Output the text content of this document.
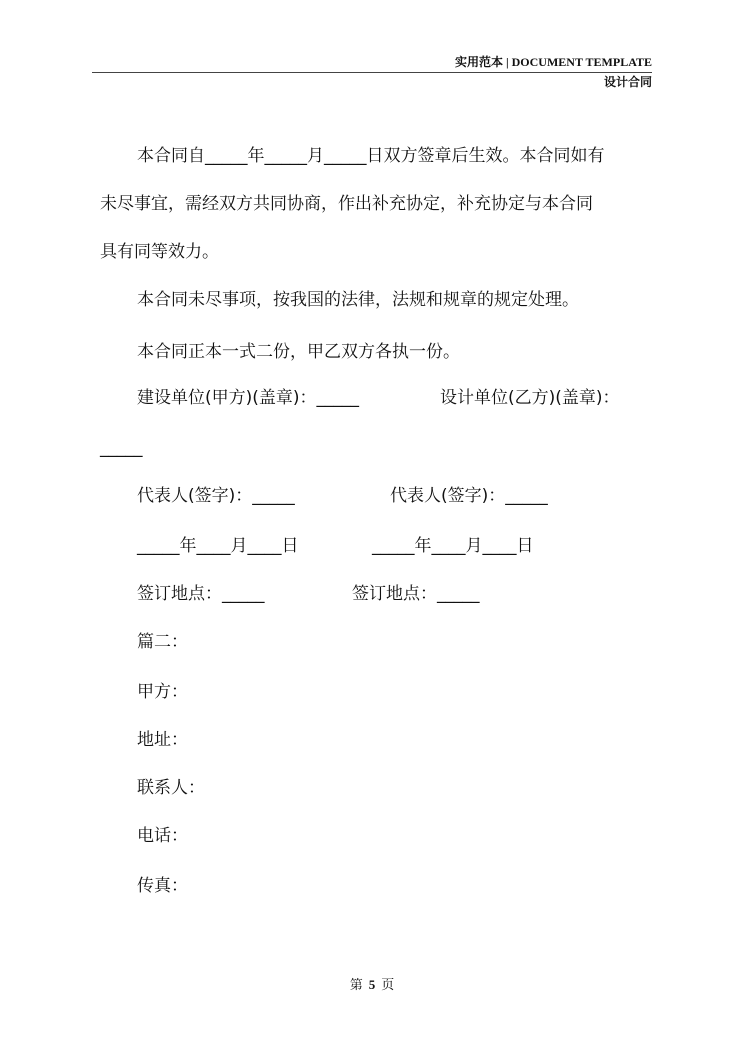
实用范本 | DOCUMENT TEMPLATE
设计合同
本合同自_____年_____月_____日双方签章后生效。本合同如有
未尽事宜，需经双方共同协商，作出补充协定，补充协定与本合同
具有同等效力。
本合同未尽事项，按我国的法律，法规和规章的规定处理。
本合同正本一式二份，甲乙双方各执一份。
建设单位(甲方)(盖章)：_____	设计单位(乙方)(盖章)：
_____
代表人(签字)：_____	代表人(签字)：_____
_____年____月____日	_____年____月____日
签订地点：_____	签订地点：_____
篇二：
甲方：
地址：
联系人：
电话：
传真：
第 5 页
